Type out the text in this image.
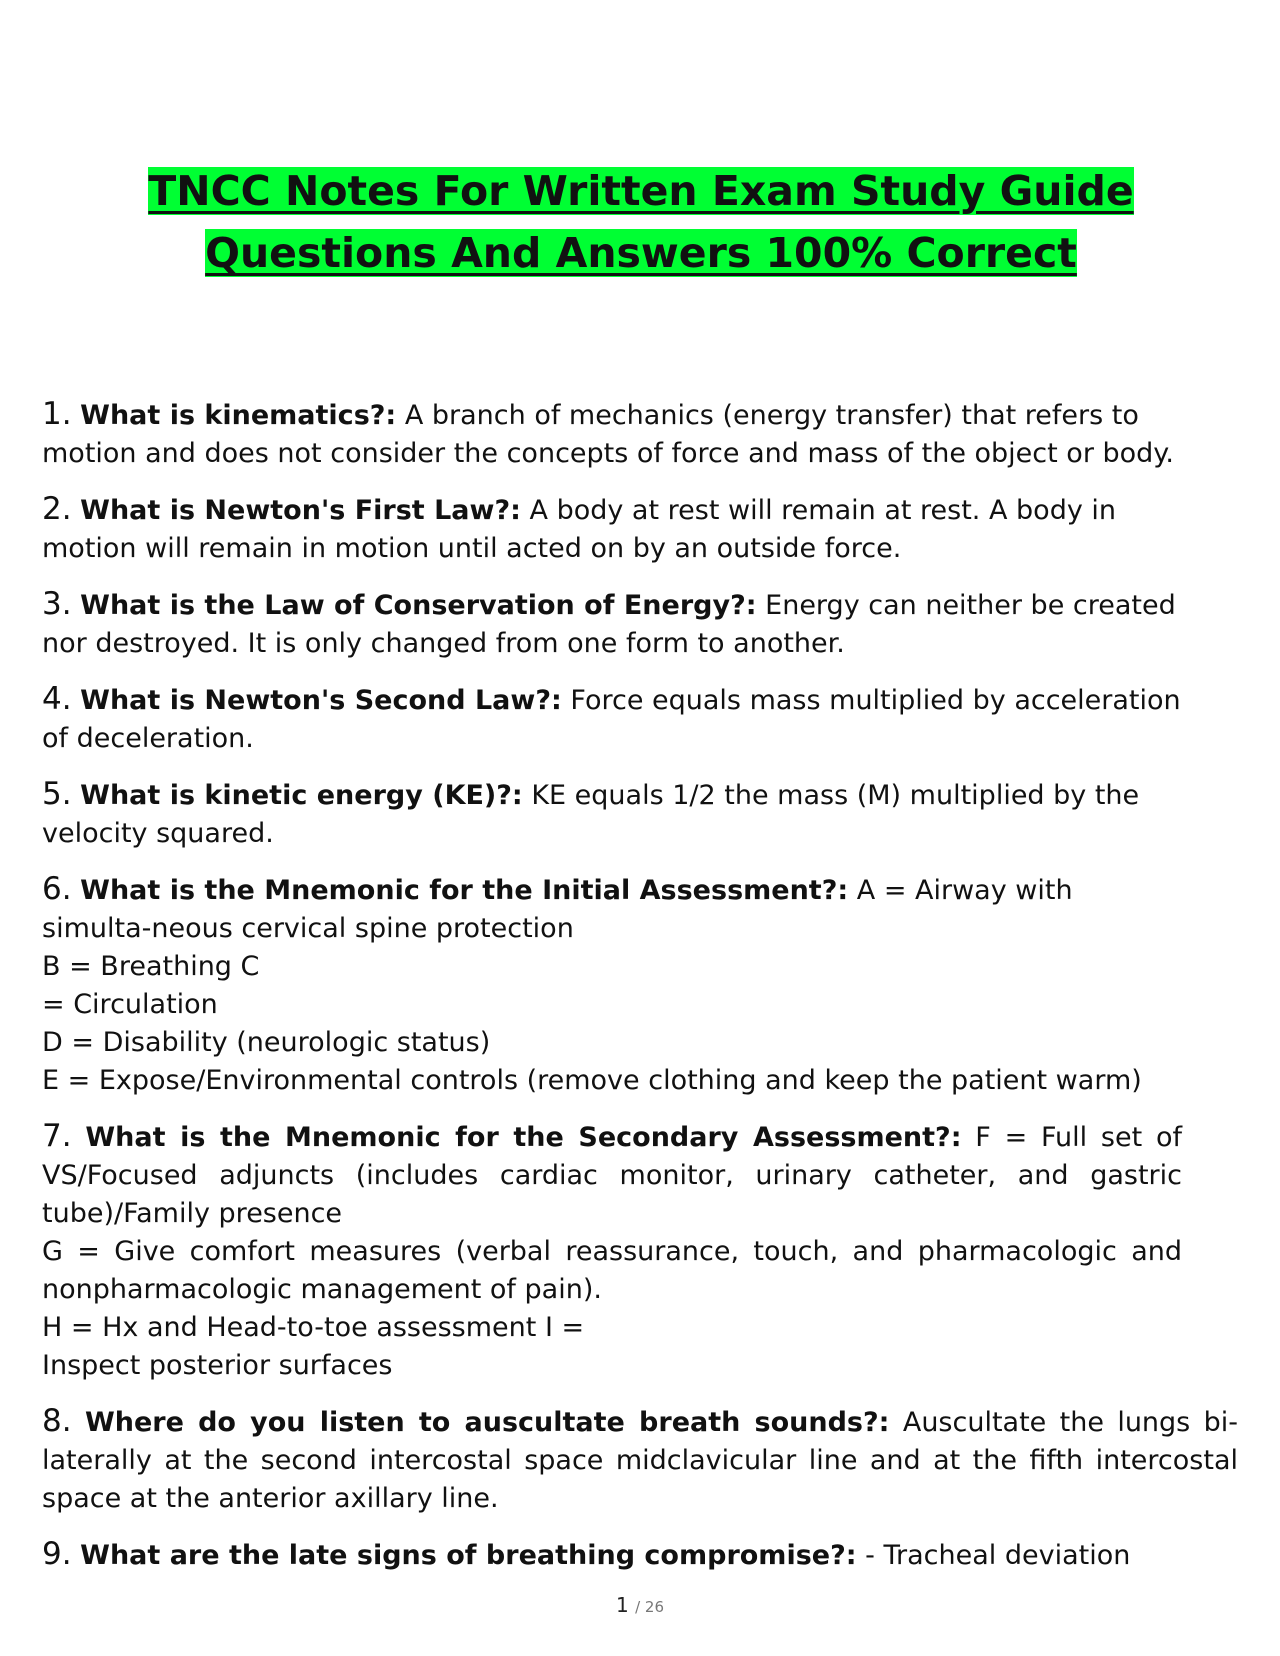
TNCC Notes For Written Exam Study Guide Questions And Answers 100% Correct
1. What is kinematics?: A branch of mechanics (energy transfer) that refers to motion and does not consider the concepts of force and mass of the object or body.
2. What is Newton's First Law?: A body at rest will remain at rest. A body in motion will remain in motion until acted on by an outside force.
3. What is the Law of Conservation of Energy?: Energy can neither be created nor destroyed. It is only changed from one form to another.
4. What is Newton's Second Law?: Force equals mass multiplied by acceleration of deceleration.
5. What is kinetic energy (KE)?: KE equals 1/2 the mass (M) multiplied by the velocity squared.
6. What is the Mnemonic for the Initial Assessment?: A = Airway with simulta-neous cervical spine protection
B = Breathing C
= Circulation
D = Disability (neurologic status)
E = Expose/Environmental controls (remove clothing and keep the patient warm)
7. What is the Mnemonic for the Secondary Assessment?: F = Full set of VS/Focused adjuncts (includes cardiac monitor, urinary catheter, and gastric tube)/Family presence
G = Give comfort measures (verbal reassurance, touch, and pharmacologic and nonpharmacologic management of pain).
H = Hx and Head-to-toe assessment I =
Inspect posterior surfaces
8. Where do you listen to auscultate breath sounds?: Auscultate the lungs bi-laterally at the second intercostal space midclavicular line and at the fifth intercostal space at the anterior axillary line.
9. What are the late signs of breathing compromise?: - Tracheal deviation
1 / 26
